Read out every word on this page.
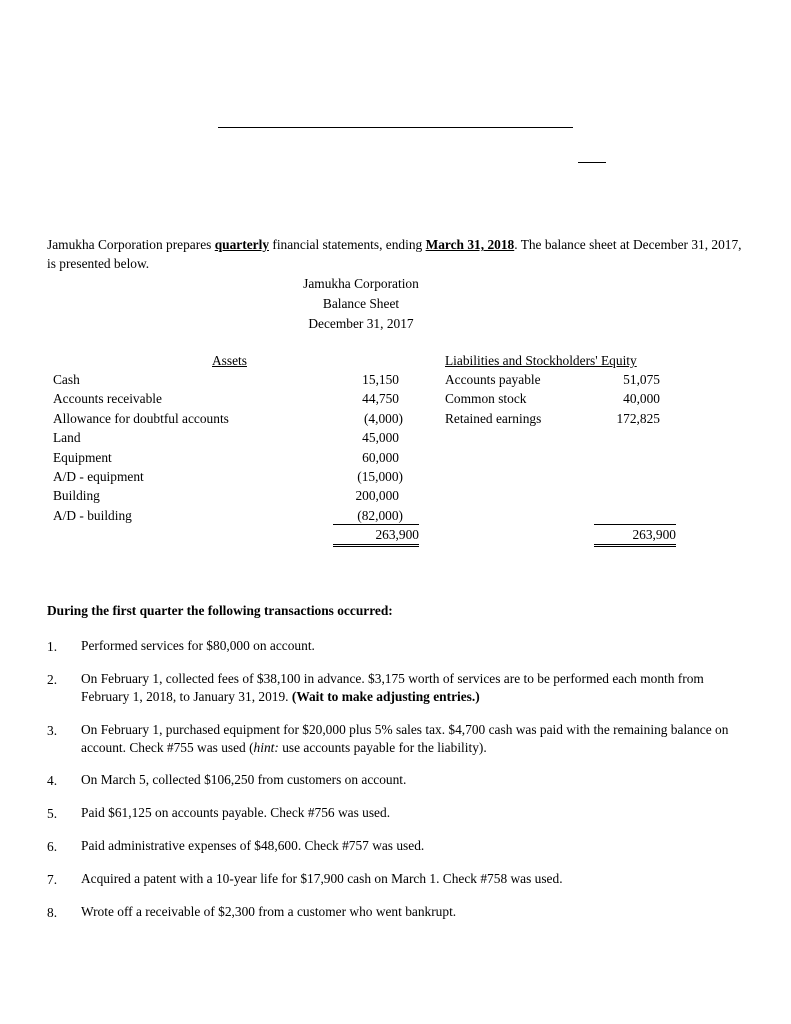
Jamukha Corporation prepares quarterly financial statements, ending March 31, 2018. The balance sheet at December 31, 2017, is presented below.
Jamukha Corporation
Balance Sheet
December 31, 2017
Assets	Liabilities and Stockholders' Equity
Cash	15,150
Accounts receivable	44,750
Allowance for doubtful accounts	(4,000)
Land	45,000
Equipment	60,000
A/D - equipment	(15,000)
Building	200,000
A/D - building	(82,000)
Accounts payable	51,075
Common stock	40,000
Retained earnings	172,825
263,900	263,900
During the first quarter the following transactions occurred:
1. Performed services for $80,000 on account.
2. On February 1, collected fees of $38,100 in advance. $3,175 worth of services are to be performed each month from February 1, 2018, to January 31, 2019. (Wait to make adjusting entries.)
3. On February 1, purchased equipment for $20,000 plus 5% sales tax. $4,700 cash was paid with the remaining balance on account. Check #755 was used (hint: use accounts payable for the liability).
4. On March 5, collected $106,250 from customers on account.
5. Paid $61,125 on accounts payable. Check #756 was used.
6. Paid administrative expenses of $48,600. Check #757 was used.
7. Acquired a patent with a 10-year life for $17,900 cash on March 1. Check #758 was used.
8. Wrote off a receivable of $2,300 from a customer who went bankrupt.
